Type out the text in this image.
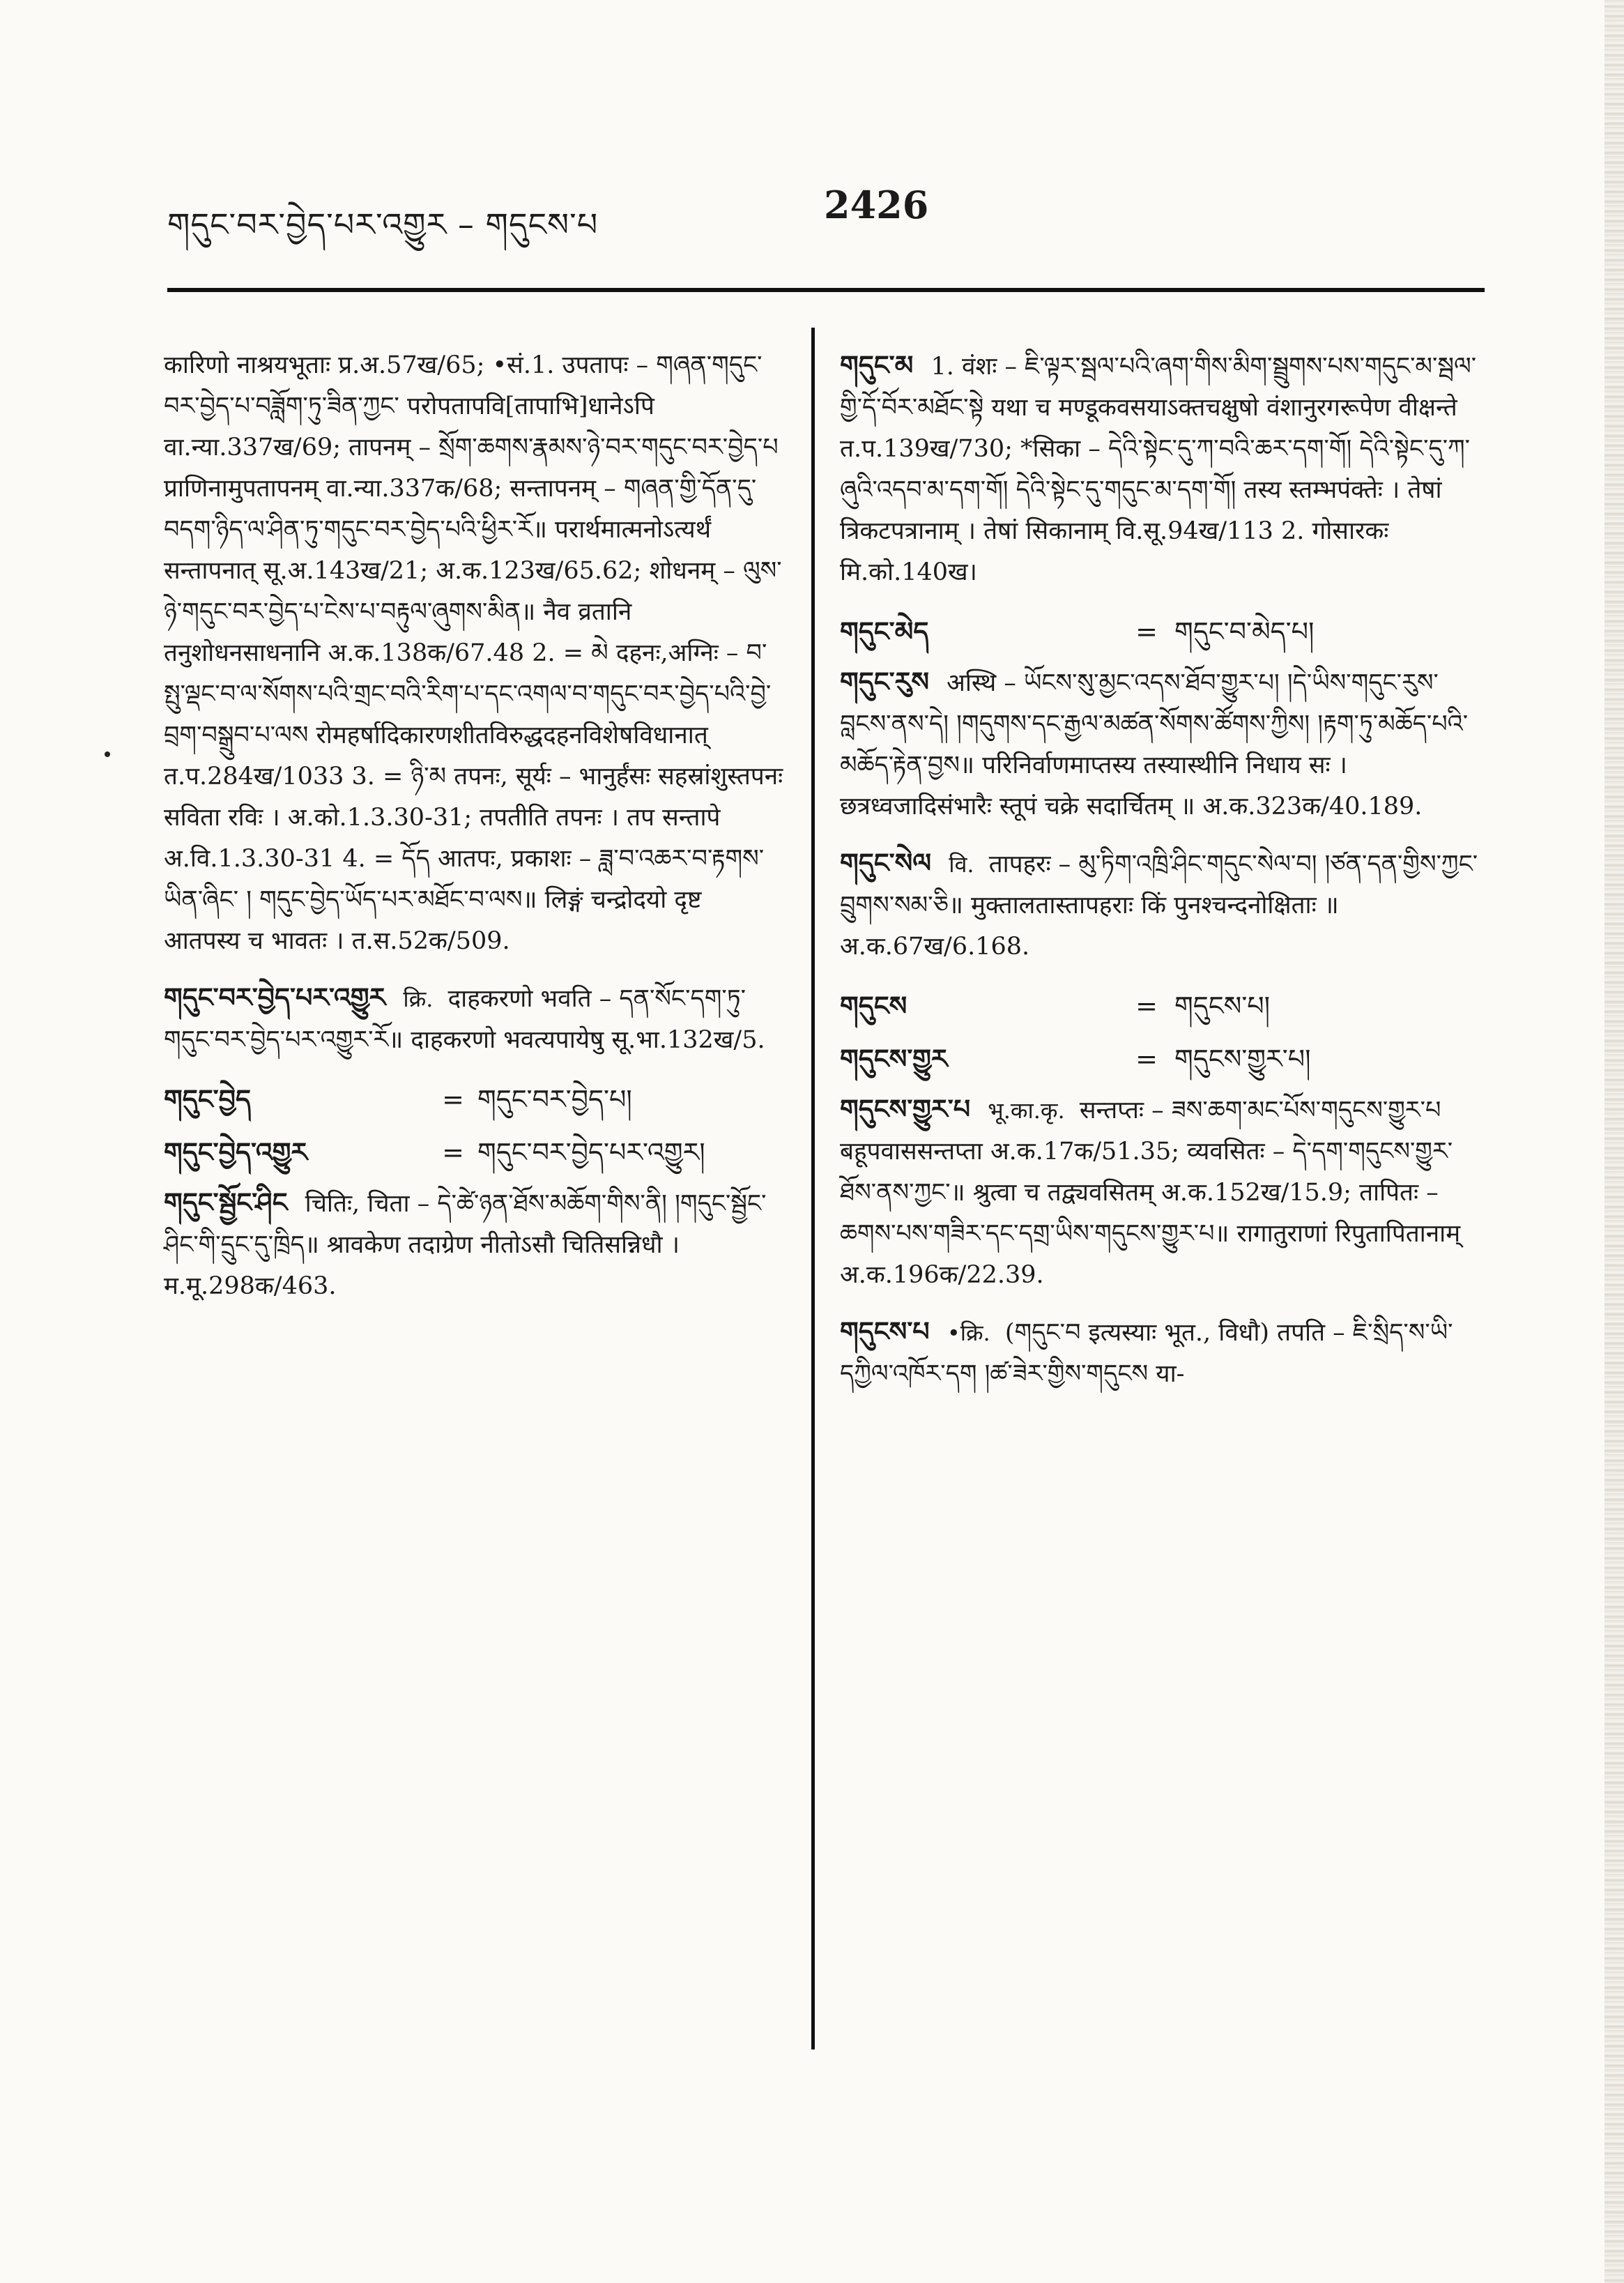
གདུང་བར་བྱེད་པར་འགྱུར – གདུངས་པ	2426

कारिणो नाश्रयभूताः प्र.अ.57ख/65; •सं.1. उपतापः – གཞན་གདུང་བར་བྱེད་པ་བཟློག་ཏུ་ཟིན་ཀྱང་ परोपतापवि[तापाभि]धानेऽपि वा.न्या.337ख/69; तापनम् – སྲོག་ཆགས་རྣམས་ཉེ་བར་གདུང་བར་བྱེད་པ प्राणिनामुपतापनम् वा.न्या.337क/68; सन्तापनम् – གཞན་གྱི་དོན་དུ་བདག་ཉིད་ལ་ཤིན་ཏུ་གདུང་བར་བྱེད་པའི་ཕྱིར་རོ॥ परार्थमात्मनोऽत्यर्थं सन्तापनात् सू.अ.143ख/21; अ.क.123ख/65.62; शोधनम् – ལུས་ཉེ་གདུང་བར་བྱེད་པ་ངེས་པ་བརྟུལ་ཞུགས་མིན॥ नैव व्रतानि तनुशोधनसाधनानि अ.क.138क/67.48 2. = མེ दहनः,अग्निः – བ་སྤུ་ལྡང་བ་ལ་སོགས་པའི་གྲང་བའི་རིག་པ་དང་འགལ་བ་གདུང་བར་བྱེད་པའི་བྱེ་བྲག་བསྒྲུབ་པ་ལས रोमहर्षादिकारणशीतविरुद्धदहनविशेषविधानात् त.प.284ख/1033 3. = ཉི་མ तपनः, सूर्यः – भानुर्हंसः सहस्रांशुस्तपनः सविता रविः । अ.को.1.3.30-31; तपतीति तपनः । तप सन्तापे अ.वि.1.3.30-31 4. = དོད आतपः, प्रकाशः – ཟླ་བ་འཆར་བ་རྟགས་ཡིན་ཞིང་ ། གདུང་བྱེད་ཡོད་པར་མཐོང་བ་ལས॥ लिङ्गं चन्द्रोदयो दृष्ट आतपस्य च भावतः । त.स.52क/509.

གདུང་བར་བྱེད་པར་འགྱུར क्रि. दाहकरणो भवति – དན་སོང་དག་ཏུ་གདུང་བར་བྱེད་པར་འགྱུར་རོ॥ दाहकरणो भवत्यपायेषु सू.भा.132ख/5.

གདུང་བྱེད	= གདུང་བར་བྱེད་པ།
གདུང་བྱེད་འགྱུར	= གདུང་བར་བྱེད་པར་འགྱུར།

གདུང་སྦྱོང་ཤིང चितिः, चिता – དེ་ཚེ་ཉན་ཐོས་མཆོག་གིས་ནི། །གདུང་སྦྱོང་ཤིང་གི་དྲུང་དུ་ཁྲིད॥ श्रावकेण तदाग्रेण नीतोऽसौ चितिसन्निधौ । म.मू.298क/463.

གདུང་མ 1. वंशः – ཇི་ལྟར་སྦལ་པའི་ཞག་གིས་མིག་སྦྲུགས་པས་གདུང་མ་སྦལ་གྱི་དོ་བོར་མཐོང་སྟེ यथा च मण्डूकवसयाऽक्तचक्षुषो वंशानुरगरूपेण वीक्षन्ते त.प.139ख/730; *सिका – དེའི་སྟེང་དུ་ཀ་བའི་ཆར་དག་གོ། དེའི་སྟེང་དུ་ཀ་ཞུའི་འདབ་མ་དག་གོ། དེའི་སྟེང་དུ་གདུང་མ་དག་གོ། तस्य स्तम्भपंक्तेः । तेषां त्रिकटपत्रानाम् । तेषां सिकानाम् वि.सू.94ख/113 2. गोसारकः मि.को.140ख।

གདུང་མེད	= གདུང་བ་མེད་པ།

གདུང་རུས अस्थि – ཡོངས་སུ་མྱང་འདས་ཐོབ་གྱུར་པ། །དེ་ཡིས་གདུང་རུས་བླངས་ནས་དེ། །གདུགས་དང་རྒྱལ་མཚན་སོགས་ཚོགས་ཀྱིས། །རྟག་ཏུ་མཆོད་པའི་མཆོད་རྟེན་བྱས॥ परिनिर्वाणमाप्तस्य तस्यास्थीनि निधाय सः । छत्रध्वजादिसंभारैः स्तूपं चक्रे सदार्चितम् ॥ अ.क.323क/40.189.

གདུང་སེལ वि. तापहरः – མུ་ཏིག་འཁྲི་ཤིང་གདུང་སེལ་བ། །ཙན་དན་གྱིས་ཀྱང་བྲུགས་སམ་ཅི॥ मुक्तालतास्तापहराः किं पुनश्चन्दनोक्षिताः ॥ अ.क.67ख/6.168.

གདུངས	= གདུངས་པ།
གདུངས་གྱུར	= གདུངས་གྱུར་པ།

གདུངས་གྱུར་པ भू.का.कृ. सन्तप्तः – ཟས་ཆག་མང་པོས་གདུངས་གྱུར་པ बहूपवाससन्तप्ता अ.क.17क/51.35; व्यवसितः – དེ་དག་གདུངས་གྱུར་ཐོས་ནས་ཀྱང་॥ श्रुत्वा च तद्व्यवसितम् अ.क.152ख/15.9; तापितः – ཆགས་པས་གཟིར་དང་དགྲ་ཡིས་གདུངས་གྱུར་པ॥ रागातुराणां रिपुतापितानाम् अ.क.196क/22.39.

གདུངས་པ •क्रि. (གདུང་བ इत्यस्याः भूत., विधौ) तपति – ཇི་སྲིད་ས་ཡི་དཀྱིལ་འཁོར་དག །ཚ་ཟེར་གྱིས་གདུངས या-
